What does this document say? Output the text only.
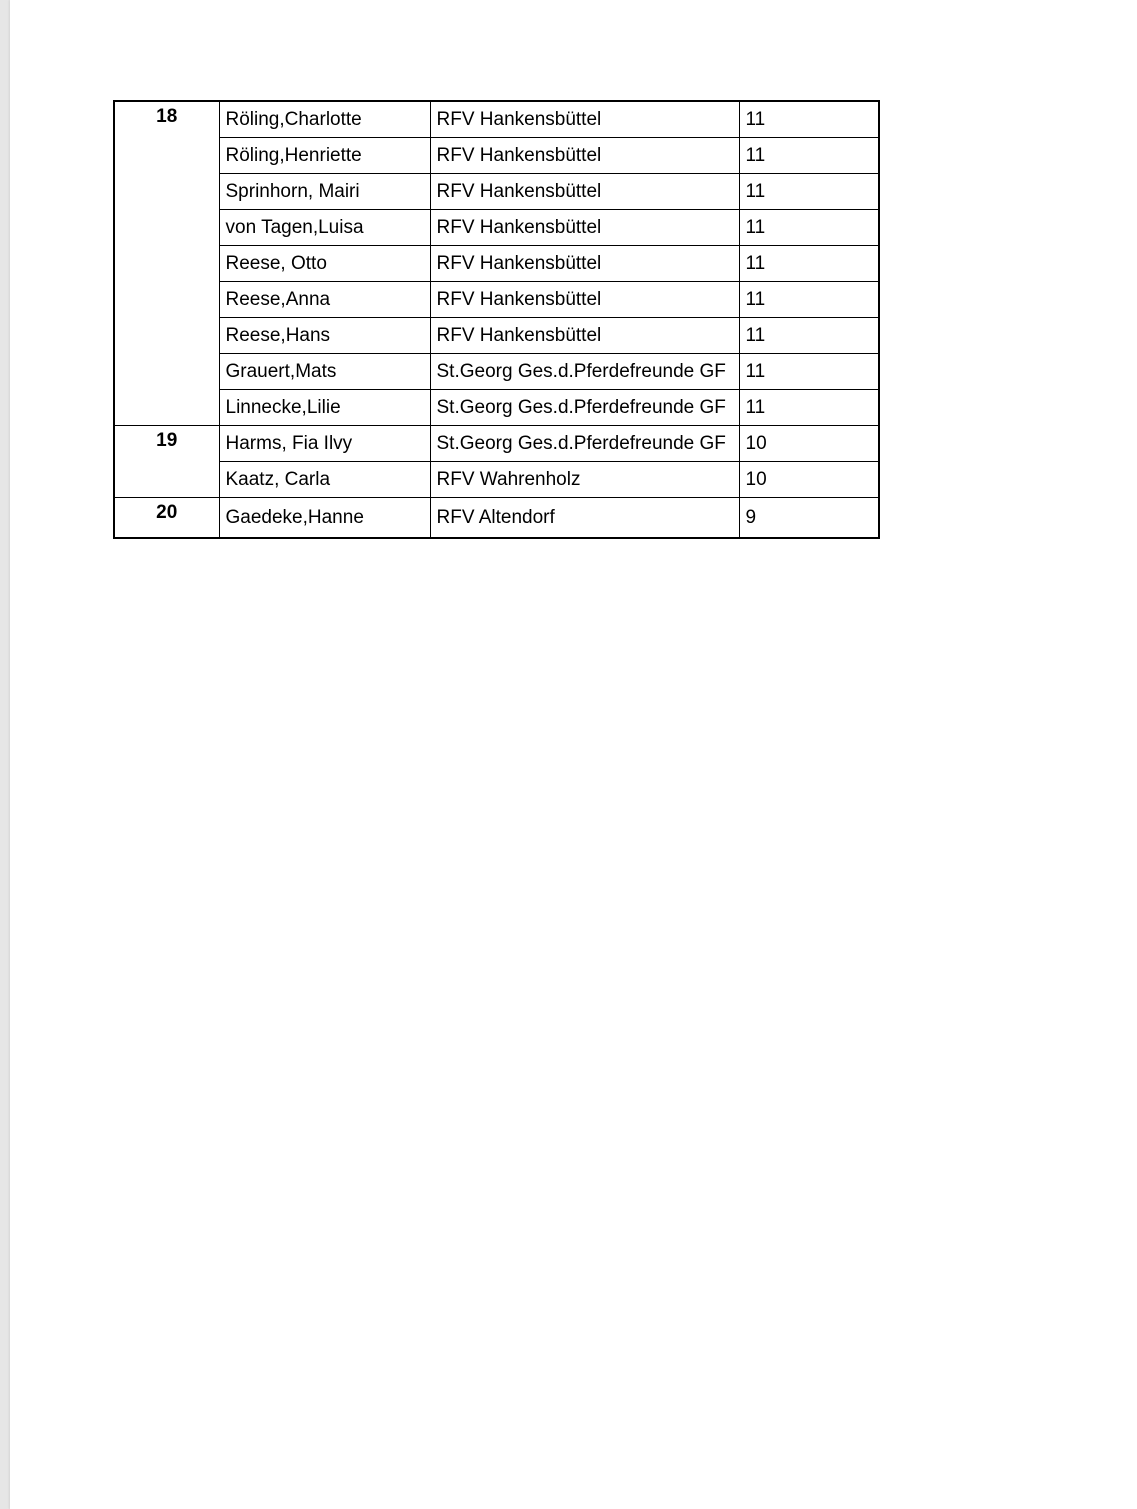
18	Röling,Charlotte	RFV Hankensbüttel	11
	Röling,Henriette	RFV Hankensbüttel	11
	Sprinhorn, Mairi	RFV Hankensbüttel	11
	von Tagen,Luisa	RFV Hankensbüttel	11
	Reese, Otto	RFV Hankensbüttel	11
	Reese,Anna	RFV Hankensbüttel	11
	Reese,Hans	RFV Hankensbüttel	11
	Grauert,Mats	St.Georg Ges.d.Pferdefreunde GF	11
	Linnecke,Lilie	St.Georg Ges.d.Pferdefreunde GF	11
19	Harms, Fia Ilvy	St.Georg Ges.d.Pferdefreunde GF	10
	Kaatz, Carla	RFV Wahrenholz	10
20	Gaedeke,Hanne	RFV Altendorf	9
